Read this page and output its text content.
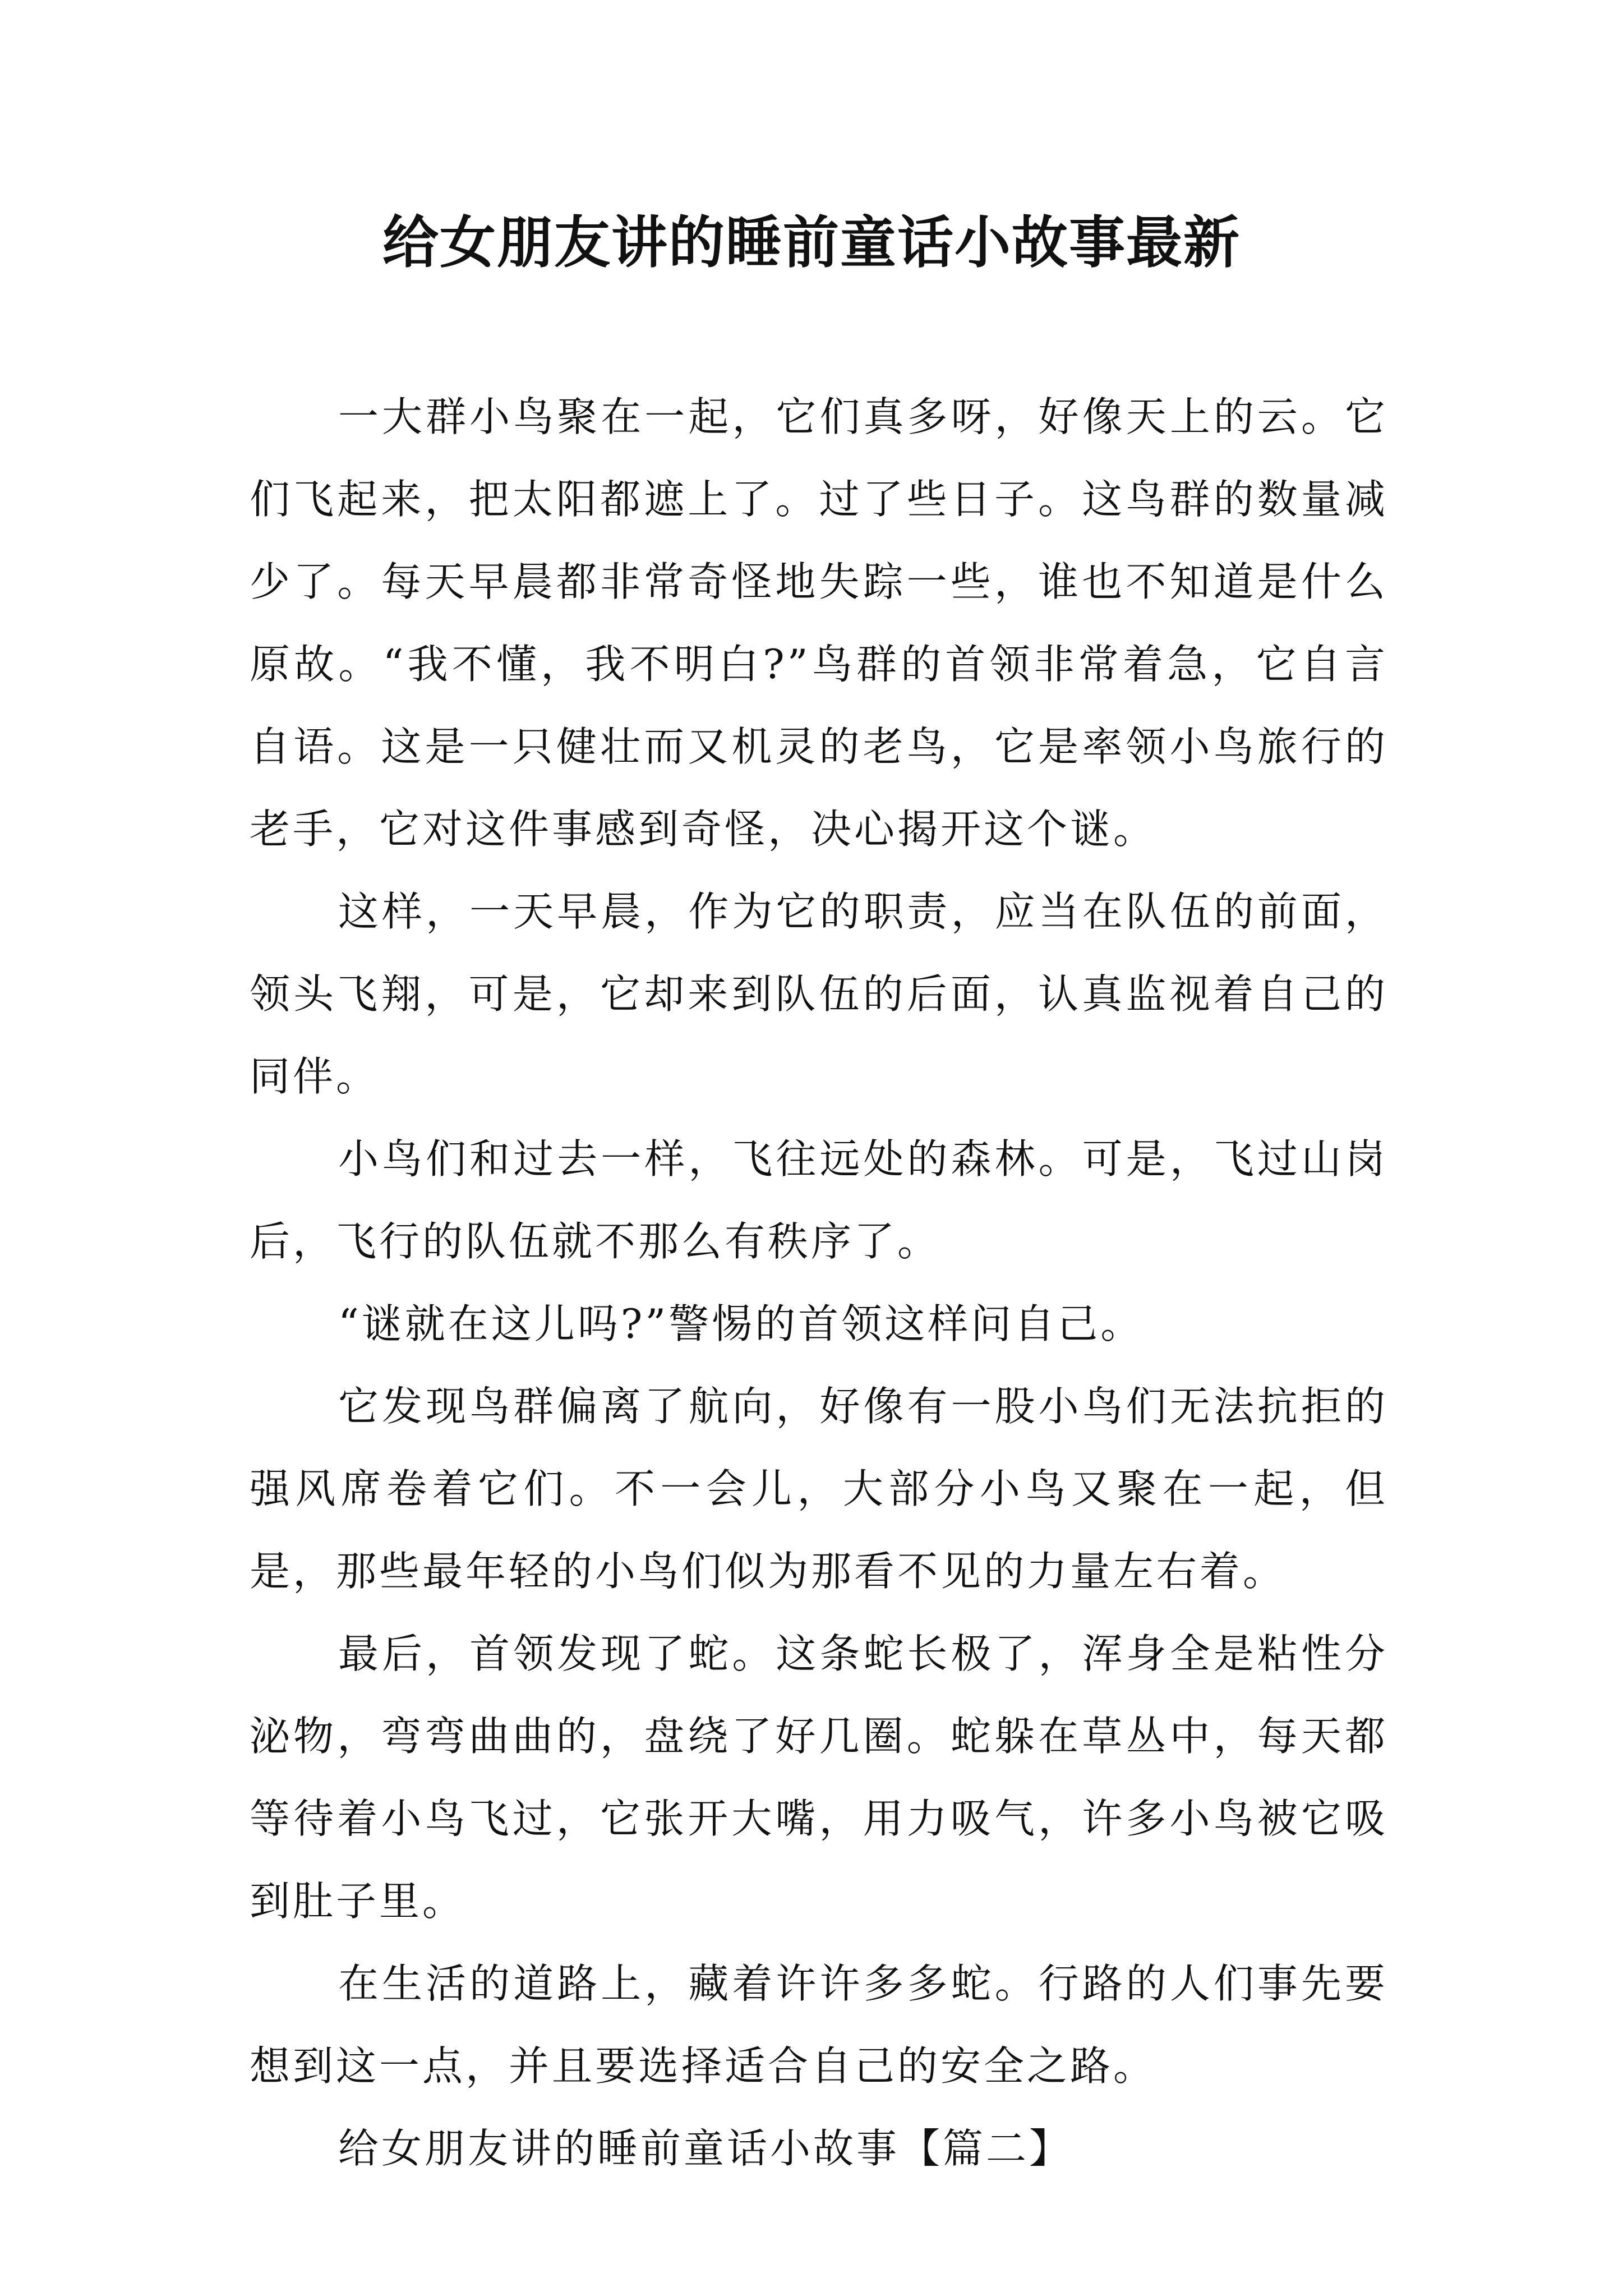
给女朋友讲的睡前童话小故事最新

一大群小鸟聚在一起，它们真多呀，好像天上的云。它们飞起来，把太阳都遮上了。过了些日子。这鸟群的数量减少了。每天早晨都非常奇怪地失踪一些，谁也不知道是什么原故。“我不懂，我不明白?”鸟群的首领非常着急，它自言自语。这是一只健壮而又机灵的老鸟，它是率领小鸟旅行的老手，它对这件事感到奇怪，决心揭开这个谜。

这样，一天早晨，作为它的职责，应当在队伍的前面，领头飞翔，可是，它却来到队伍的后面，认真监视着自己的同伴。

小鸟们和过去一样，飞往远处的森林。可是，飞过山岗后，飞行的队伍就不那么有秩序了。

“谜就在这儿吗?”警惕的首领这样问自己。

它发现鸟群偏离了航向，好像有一股小鸟们无法抗拒的强风席卷着它们。不一会儿，大部分小鸟又聚在一起，但是，那些最年轻的小鸟们似为那看不见的力量左右着。

最后，首领发现了蛇。这条蛇长极了，浑身全是粘性分泌物，弯弯曲曲的，盘绕了好几圈。蛇躲在草丛中，每天都等待着小鸟飞过，它张开大嘴，用力吸气，许多小鸟被它吸到肚子里。

在生活的道路上，藏着许许多多蛇。行路的人们事先要想到这一点，并且要选择适合自己的安全之路。

给女朋友讲的睡前童话小故事【篇二】
